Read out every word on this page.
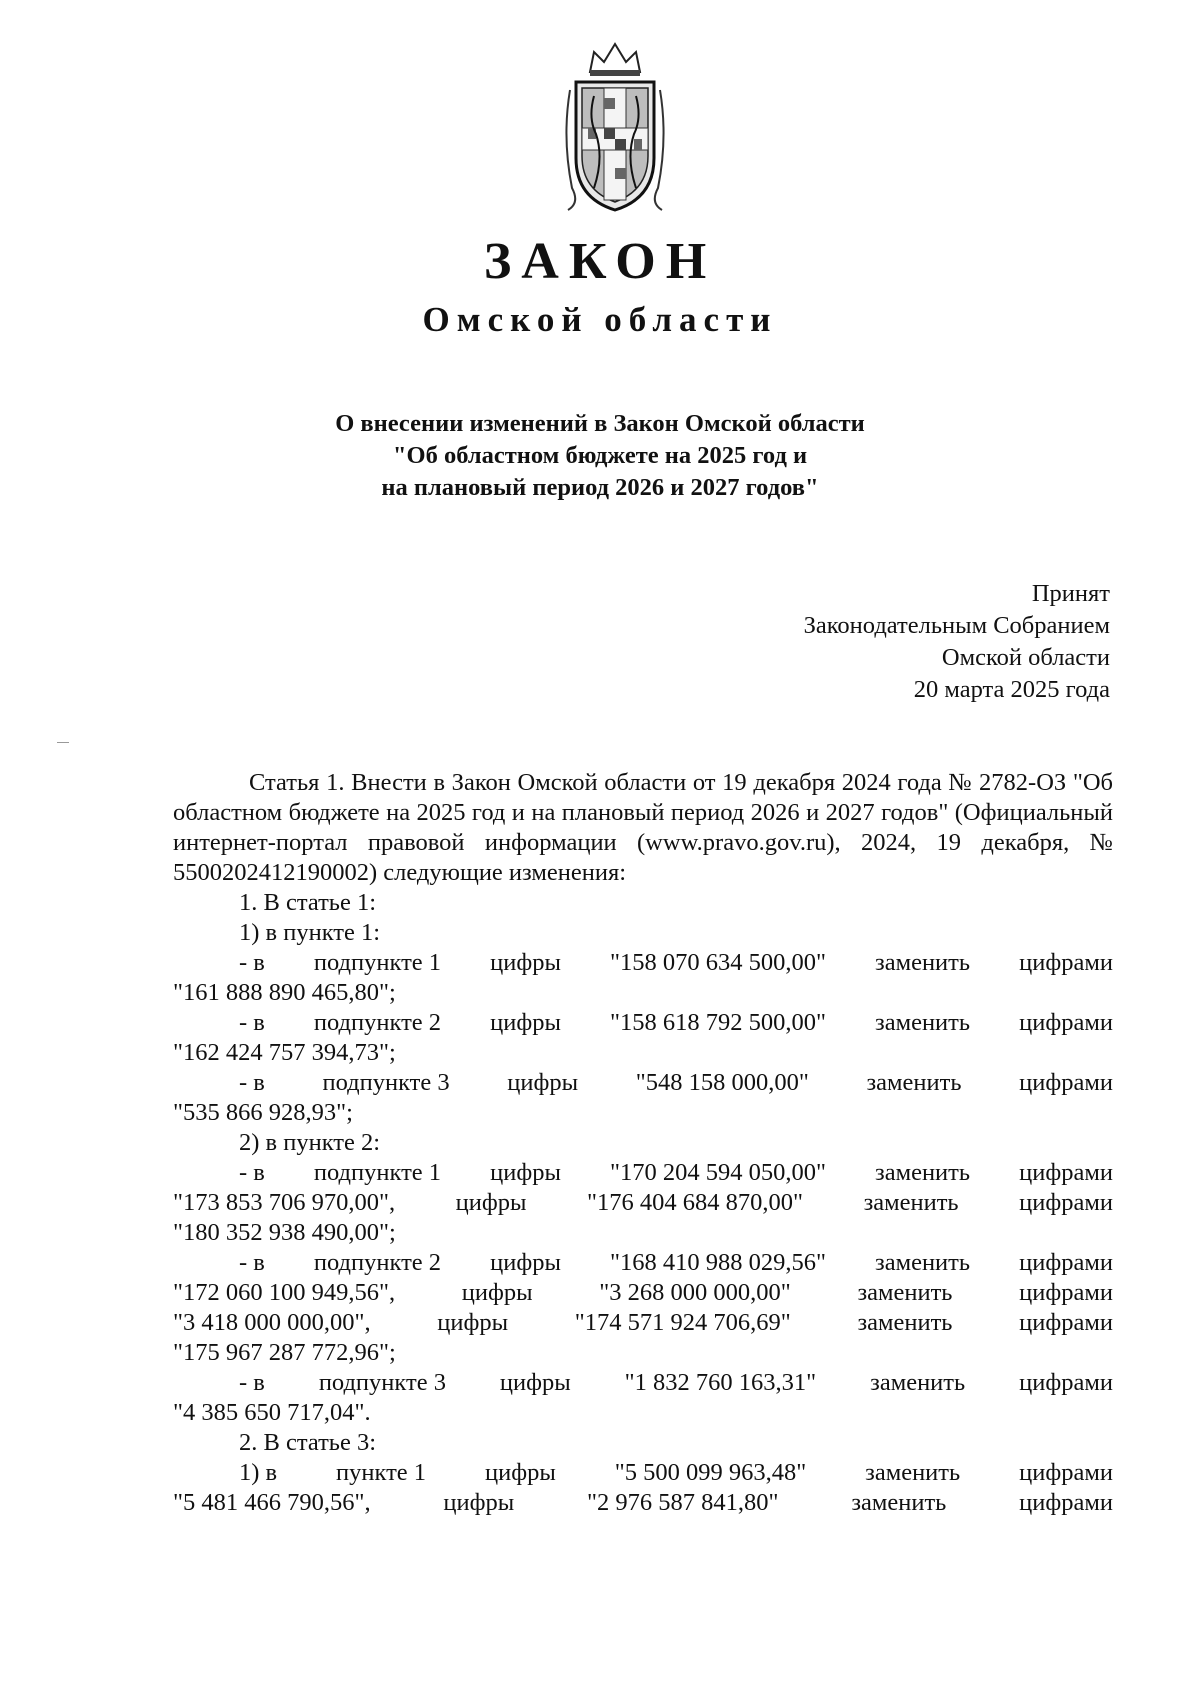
ЗАКОН
Омской области
О внесении изменений в Закон Омской области
"Об областном бюджете на 2025 год и
на плановый период 2026 и 2027 годов"
Принят
Законодательным Собранием
Омской области
20 марта 2025 года

Статья 1. Внести в Закон Омской области от 19 декабря 2024 года № 2782-ОЗ "Об областном бюджете на 2025 год и на плановый период 2026 и 2027 годов" (Официальный интернет-портал правовой информации (www.pravo.gov.ru), 2024, 19 декабря, № 5500202412190002) следующие изменения:

1. В статье 1:

1) в пункте 1:

- в подпункте 1 цифры "158 070 634 500,00" заменить цифрами

"161 888 890 465,80";

- в подпункте 2 цифры "158 618 792 500,00" заменить цифрами

"162 424 757 394,73";

- в подпункте 3 цифры "548 158 000,00" заменить цифрами

"535 866 928,93";

2) в пункте 2:

- в подпункте 1 цифры "170 204 594 050,00" заменить цифрами
"173 853 706 970,00", цифры "176 404 684 870,00" заменить цифрами

"180 352 938 490,00";

- в подпункте 2 цифры "168 410 988 029,56" заменить цифрами
"172 060 100 949,56",	цифры	"3 268 000 000,00"	заменить	цифрами
"3 418 000 000,00",	цифры	"174 571 924 706,69"	заменить	цифрами

"175 967 287 772,96";

- в подпункте 3 цифры "1 832 760 163,31" заменить цифрами

"4 385 650 717,04".

2. В статье 3:

1) в пункте 1 цифры "5 500 099 963,48" заменить цифрами
"5 481 466 790,56",	цифры	"2 976 587 841,80"	заменить	цифрами
